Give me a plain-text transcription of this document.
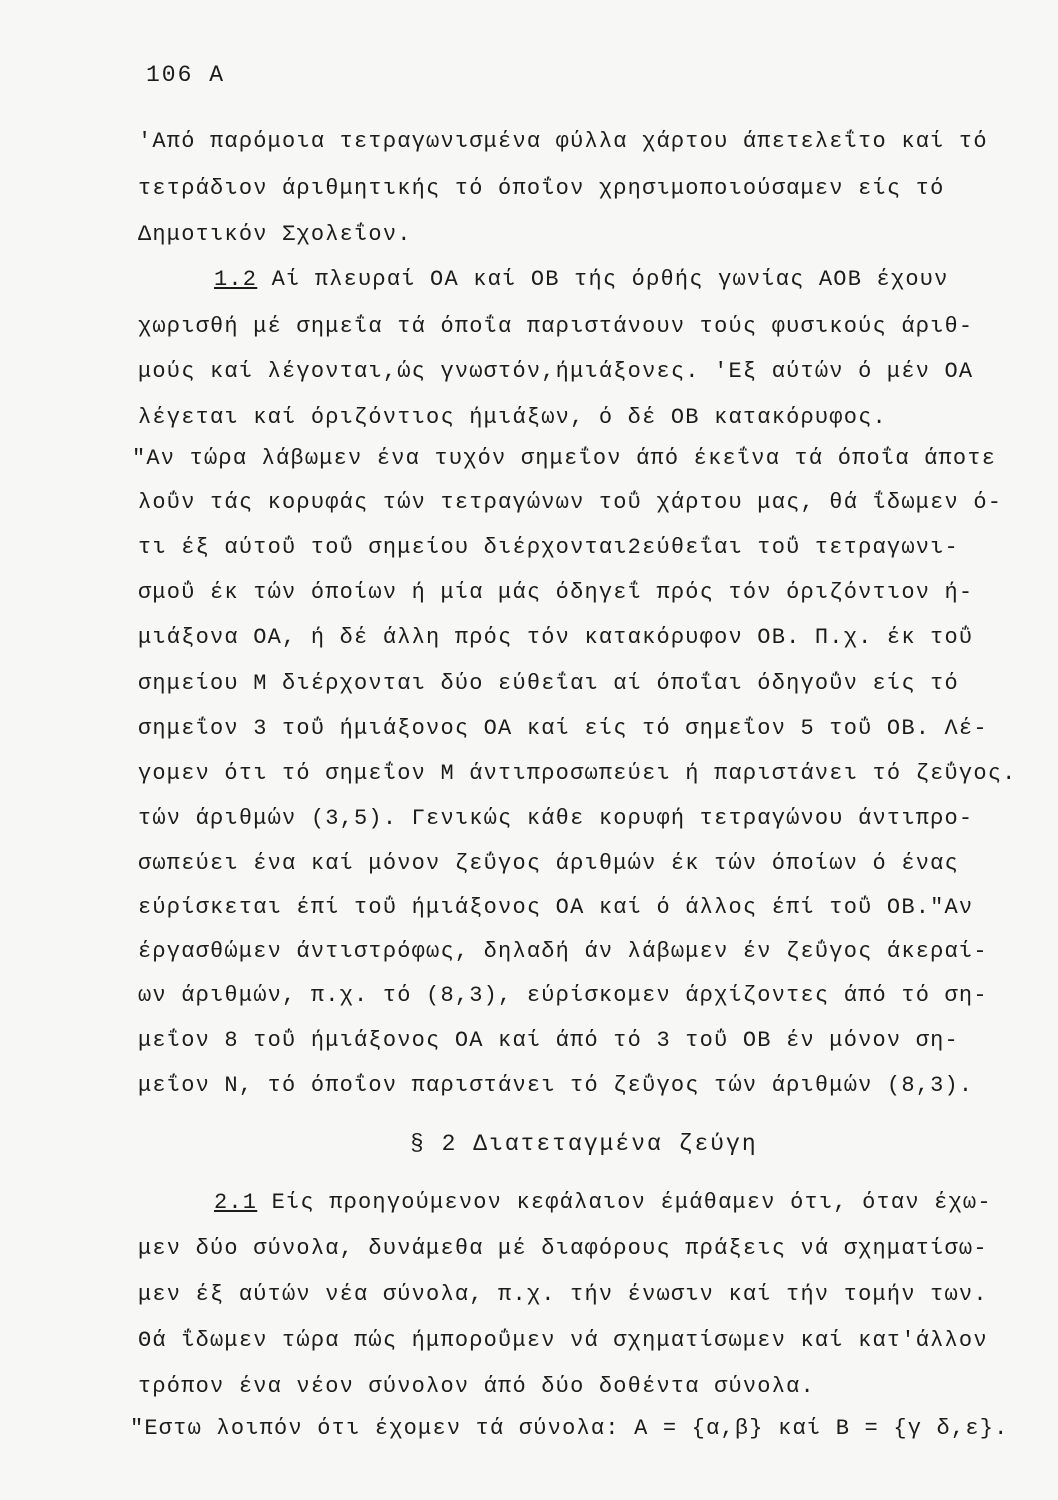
106 A
'Από παρόμοια τετραγωνισμένα φύλλα χάρτου άπετελεΐτο καί τό
τετράδιον άριθμητικής τό όποΐον χρησιμοποιούσαμεν είς τό
Δημοτικόν Σχολεΐον.
1.2 Αί πλευραί ΟΑ καί ΟΒ τής όρθής γωνίας ΑΟΒ έχουν
χωρισθή μέ σημεΐα τά όποΐα παριστάνουν τούς φυσικούς άριθ-
μούς καί λέγονται,ώς γνωστόν,ήμιάξονες. 'Εξ αύτών ό μέν ΟΑ
λέγεται καί όριζόντιος ήμιάξων, ό δέ ΟΒ κατακόρυφος.
"Αν τώρα λάβωμεν ένα τυχόν σημεΐον άπό έκεΐνα τά όποΐα άποτε
λοΰν τάς κορυφάς τών τετραγώνων τοΰ χάρτου μας, θά ΐδωμεν ό-
τι έξ αύτοΰ τοΰ σημείου διέρχονται2εύθεΐαι τοΰ τετραγωνι-
σμοΰ έκ τών όποίων ή μία μάς όδηγεΐ πρός τόν όριζόντιον ή-
μιάξονα ΟΑ, ή δέ άλλη πρός τόν κατακόρυφον ΟΒ. Π.χ. έκ τοΰ
σημείου Μ διέρχονται δύο εύθεΐαι αί όποΐαι όδηγοΰν είς τό
σημεΐον 3 τοΰ ήμιάξονος ΟΑ καί είς τό σημεΐον 5 τοΰ ΟΒ. Λέ-
γομεν ότι τό σημεΐον Μ άντιπροσωπεύει ή παριστάνει τό ζεΰγος.
τών άριθμών (3,5). Γενικώς κάθε κορυφή τετραγώνου άντιπρο-
σωπεύει ένα καί μόνον ζεΰγος άριθμών έκ τών όποίων ό ένας
εύρίσκεται έπί τοΰ ήμιάξονος ΟΑ καί ό άλλος έπί τοΰ ΟΒ."Αν
έργασθώμεν άντιστρόφως, δηλαδή άν λάβωμεν έν ζεΰγος άκεραί-
ων άριθμών, π.χ. τό (8,3), εύρίσκομεν άρχίζοντες άπό τό ση-
μεΐον 8 τοΰ ήμιάξονος ΟΑ καί άπό τό 3 τοΰ ΟΒ έν μόνον ση-
μεΐον Ν, τό όποΐον παριστάνει τό ζεΰγος τών άριθμών (8,3).
§ 2 Διατεταγμένα ζεύγη
2.1 Είς προηγούμενον κεφάλαιον έμάθαμεν ότι, όταν έχω-
μεν δύο σύνολα, δυνάμεθα μέ διαφόρους πράξεις νά σχηματίσω-
μεν έξ αύτών νέα σύνολα, π.χ. τήν ένωσιν καί τήν τομήν των.
Θά ΐδωμεν τώρα πώς ήμποροΰμεν νά σχηματίσωμεν καί κατ'άλλον
τρόπον ένα νέον σύνολον άπό δύο δοθέντα σύνολα.
"Εστω λοιπόν ότι έχομεν τά σύνολα: Α = {α,β} καί Β = {γ δ,ε}.
